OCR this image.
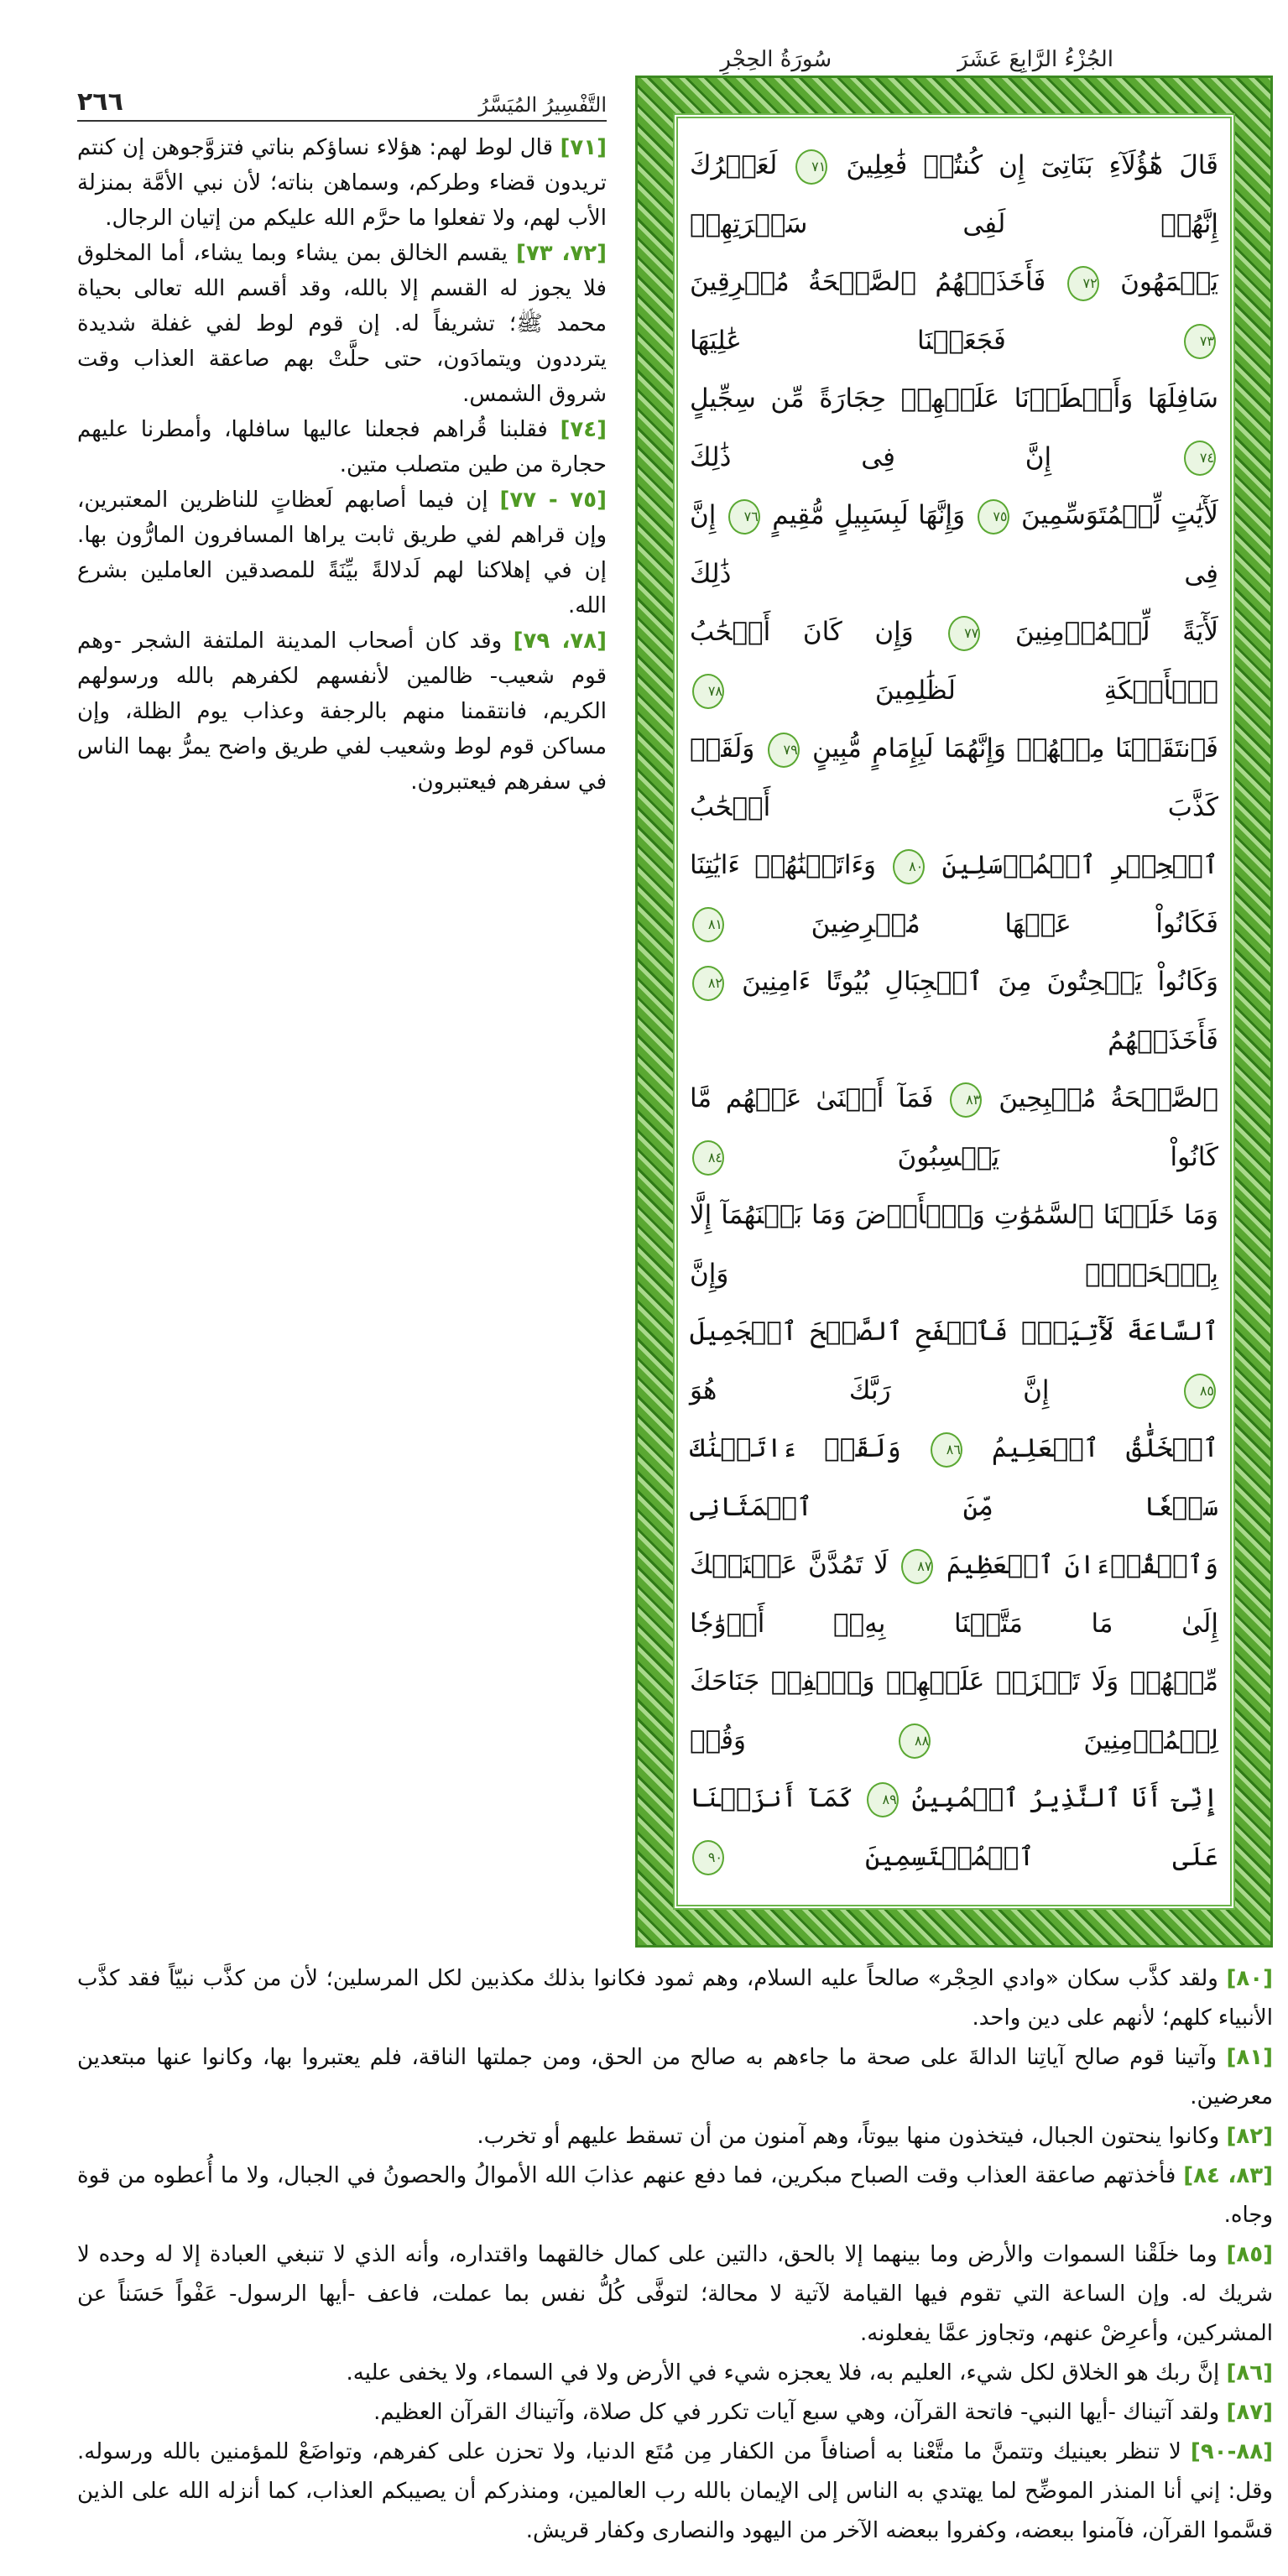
الجُزْءُ الرَّابِعَ عَشَرَ
سُورَةُ الحِجْرِ
قَالَ هَٰٓؤُلَآءِ بَنَاتِىٓ إِن كُنتُمۡ فَٰعِلِينَ ٧١ لَعَمۡرُكَ إِنَّهُمۡ لَفِى سَكۡرَتِهِمۡ
يَعۡمَهُونَ ٧٢ فَأَخَذَتۡهُمُ ٱلصَّيۡحَةُ مُشۡرِقِينَ ٧٣ فَجَعَلۡنَا عَٰلِيَهَا
سَافِلَهَا وَأَمۡطَرۡنَا عَلَيۡهِمۡ حِجَارَةً مِّن سِجِّيلٍ ٧٤ إِنَّ فِى ذَٰلِكَ
لَأٓيَٰتٍ لِّلۡمُتَوَسِّمِينَ ٧٥ وَإِنَّهَا لَبِسَبِيلٍ مُّقِيمٍ ٧٦ إِنَّ فِى ذَٰلِكَ
لَأٓيَةً لِّلۡمُؤۡمِنِينَ ٧٧ وَإِن كَانَ أَصۡحَٰبُ ٱلۡأَيۡكَةِ لَظَٰلِمِينَ ٧٨
فَٱنتَقَمۡنَا مِنۡهُمۡ وَإِنَّهُمَا لَبِإِمَامٍ مُّبِينٍ ٧٩ وَلَقَدۡ كَذَّبَ أَصۡحَٰبُ
ٱلۡحِجۡرِ ٱلۡمُرۡسَلِينَ ٨٠ وَءَاتَيۡنَٰهُمۡ ءَايَٰتِنَا فَكَانُواْ عَنۡهَا مُعۡرِضِينَ ٨١
وَكَانُواْ يَنۡحِتُونَ مِنَ ٱلۡجِبَالِ بُيُوتًا ءَامِنِينَ ٨٢ فَأَخَذَتۡهُمُ
ٱلصَّيۡحَةُ مُصۡبِحِينَ ٨٣ فَمَآ أَغۡنَىٰ عَنۡهُم مَّا كَانُواْ يَكۡسِبُونَ ٨٤
وَمَا خَلَقۡنَا ٱلسَّمَٰوَٰتِ وَٱلۡأَرۡضَ وَمَا بَيۡنَهُمَآ إِلَّا بِٱلۡحَقِّۗ وَإِنَّ
ٱلسَّاعَةَ لَأٓتِيَةٞۖ فَٱصۡفَحِ ٱلصَّفۡحَ ٱلۡجَمِيلَ ٨٥ إِنَّ رَبَّكَ هُوَ
ٱلۡخَلَّٰقُ ٱلۡعَلِيمُ ٨٦ وَلَقَدۡ ءَاتَيۡنَٰكَ سَبۡعٗا مِّنَ ٱلۡمَثَانِى
وَٱلۡقُرۡءَانَ ٱلۡعَظِيمَ ٨٧ لَا تَمُدَّنَّ عَيۡنَيۡكَ إِلَىٰ مَا مَتَّعۡنَا بِهِۦٓ أَزۡوَٰجٗا
مِّنۡهُمۡ وَلَا تَحۡزَنۡ عَلَيۡهِمۡ وَٱخۡفِضۡ جَنَاحَكَ لِلۡمُؤۡمِنِينَ ٨٨ وَقُلۡ
إِنِّىٓ أَنَا ٱلنَّذِيرُ ٱلۡمُبِينُ ٨٩ كَمَآ أَنزَلۡنَا عَلَى ٱلۡمُقۡتَسِمِينَ ٩٠
التَّفْسِيرُ المُيَسَّرُ
٢٦٦

[٧١] قال لوط لهم: هؤلاء نساؤكم بناتي فتزوَّجوهن إن كنتم تريدون قضاء وطركم، وسماهن بناته؛ لأن نبي الأمَّة بمنزلة الأب لهم، ولا تفعلوا ما حرَّم الله عليكم من إتيان الرجال.

[٧٢، ٧٣] يقسم الخالق بمن يشاء وبما يشاء، أما المخلوق فلا يجوز له القسم إلا بالله، وقد أقسم الله تعالى بحياة محمد ﷺ؛ تشريفاً له. إن قوم لوط لفي غفلة شديدة يترددون ويتمادَون، حتى حلَّتْ بهم صاعقة العذاب وقت شروق الشمس.

[٧٤] فقلبنا قُراهم فجعلنا عاليها سافلها، وأمطرنا عليهم حجارة من طين متصلب متين.

[٧٥ - ٧٧] إن فيما أصابهم لَعظاتٍ للناظرين المعتبرين، وإن قراهم لفي طريق ثابت يراها المسافرون المارُّون بها. إن في إهلاكنا لهم لَدلالةً بيِّنَةً للمصدقين العاملين بشرع الله.

[٧٨، ٧٩] وقد كان أصحاب المدينة الملتفة الشجر -وهم قوم شعيب- ظالمين لأنفسهم لكفرهم بالله ورسولهم الكريم، فانتقمنا منهم بالرجفة وعذاب يوم الظلة، وإن مساكن قوم لوط وشعيب لفي طريق واضح يمرُّ بهما الناس في سفرهم فيعتبرون.

[٨٠] ولقد كذَّب سكان «وادي الحِجْر» صالحاً عليه السلام، وهم ثمود فكانوا بذلك مكذبين لكل المرسلين؛ لأن من كذَّب نبيّاً فقد كذَّب الأنبياء كلهم؛ لأنهم على دين واحد.

[٨١] وآتينا قوم صالح آياتِنا الدالةَ على صحة ما جاءهم به صالح من الحق، ومن جملتها الناقة، فلم يعتبروا بها، وكانوا عنها مبتعدين معرضين.

[٨٢] وكانوا ينحتون الجبال، فيتخذون منها بيوتاً، وهم آمنون من أن تسقط عليهم أو تخرب.

[٨٣، ٨٤] فأخذتهم صاعقة العذاب وقت الصباح مبكرين، فما دفع عنهم عذابَ الله الأموالُ والحصونُ في الجبال، ولا ما أُعطوه من قوة وجاه.

[٨٥] وما خلَقْنا السموات والأرض وما بينهما إلا بالحق، دالتين على كمال خالقهما واقتداره، وأنه الذي لا تنبغي العبادة إلا له وحده لا شريك له. وإن الساعة التي تقوم فيها القيامة لآتية لا محالة؛ لتوفَّى كُلُّ نفس بما عملت، فاعف -أيها الرسول- عَفْواً حَسَناً عن المشركين، وأعرِضْ عنهم، وتجاوز عمَّا يفعلونه.

[٨٦] إنَّ ربك هو الخلاق لكل شيء، العليم به، فلا يعجزه شيء في الأرض ولا في السماء، ولا يخفى عليه.

[٨٧] ولقد آتيناك -أيها النبي- فاتحة القرآن، وهي سبع آيات تكرر في كل صلاة، وآتيناك القرآن العظيم.

[٨٨-٩٠] لا تنظر بعينيك وتتمنَّ ما متَّعْنا به أصنافاً من الكفار مِن مُتَع الدنيا، ولا تحزن على كفرهم، وتواضَعْ للمؤمنين بالله ورسوله. وقل: إني أنا المنذر الموضِّح لما يهتدي به الناس إلى الإيمان بالله رب العالمين، ومنذركم أن يصيبكم العذاب، كما أنزله الله على الذين قسَّموا القرآن، فآمنوا ببعضه، وكفروا ببعضه الآخر من اليهود والنصارى وكفار قريش.
